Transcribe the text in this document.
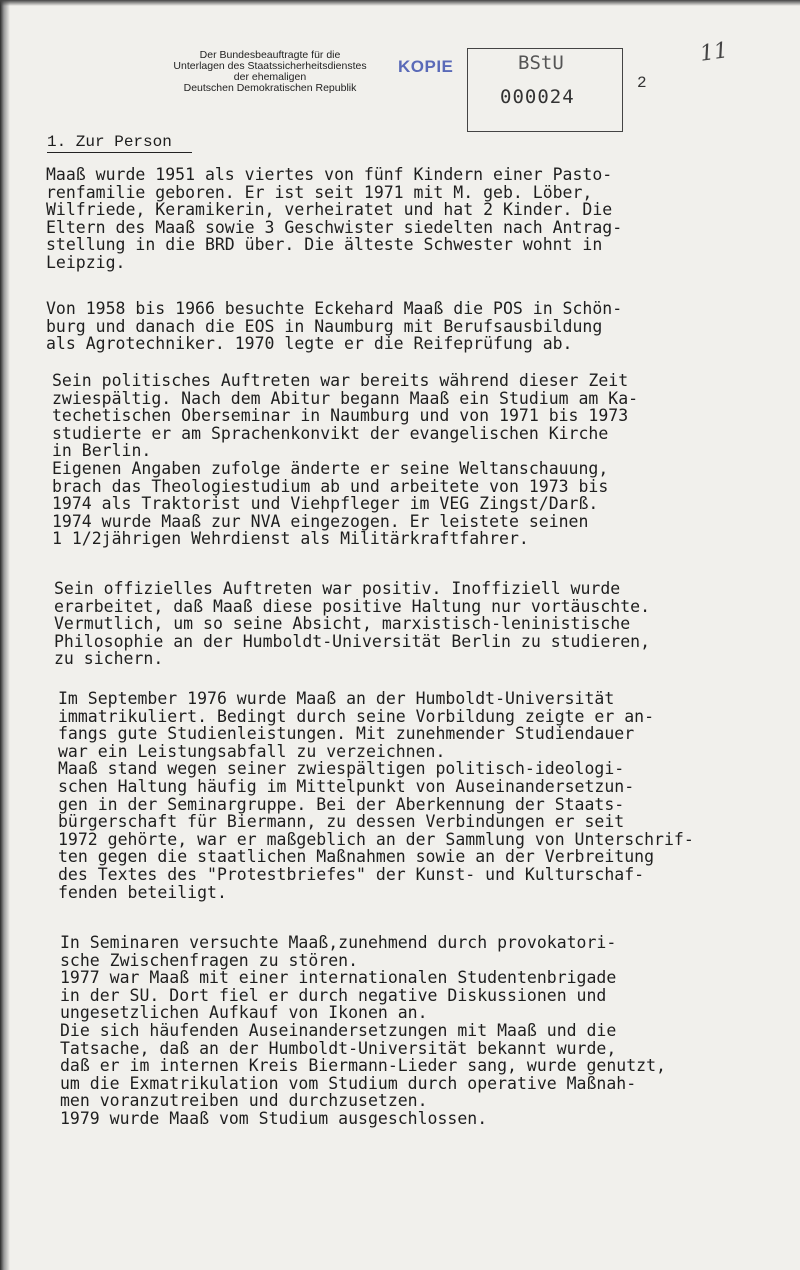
Der Bundesbeauftragte für die
Unterlagen des Staatssicherheitsdienstes
der ehemaligen
Deutschen Demokratischen Republik
KOPIE	BStU
000024
2
11
1. Zur Person
Maaß wurde 1951 als viertes von fünf Kindern einer Pasto-
renfamilie geboren. Er ist seit 1971 mit M. geb. Löber,
Wilfriede, Keramikerin, verheiratet und hat 2 Kinder. Die
Eltern des Maaß sowie 3 Geschwister siedelten nach Antrag-
stellung in die BRD über. Die älteste Schwester wohnt in
Leipzig.
Von 1958 bis 1966 besuchte Eckehard Maaß die POS in Schön-
burg und danach die EOS in Naumburg mit Berufsausbildung
als Agrotechniker. 1970 legte er die Reifeprüfung ab.
Sein politisches Auftreten war bereits während dieser Zeit
zwiespältig. Nach dem Abitur begann Maaß ein Studium am Ka-
techetischen Oberseminar in Naumburg und von 1971 bis 1973
studierte er am Sprachenkonvikt der evangelischen Kirche
in Berlin.
Eigenen Angaben zufolge änderte er seine Weltanschauung,
brach das Theologiestudium ab und arbeitete von 1973 bis
1974 als Traktorist und Viehpfleger im VEG Zingst/Darß.
1974 wurde Maaß zur NVA eingezogen. Er leistete seinen
1 1/2jährigen Wehrdienst als Militärkraftfahrer.
Sein offizielles Auftreten war positiv. Inoffiziell wurde
erarbeitet, daß Maaß diese positive Haltung nur vortäuschte.
Vermutlich, um so seine Absicht, marxistisch-leninistische
Philosophie an der Humboldt-Universität Berlin zu studieren,
zu sichern.
Im September 1976 wurde Maaß an der Humboldt-Universität
immatrikuliert. Bedingt durch seine Vorbildung zeigte er an-
fangs gute Studienleistungen. Mit zunehmender Studiendauer
war ein Leistungsabfall zu verzeichnen.
Maaß stand wegen seiner zwiespältigen politisch-ideologi-
schen Haltung häufig im Mittelpunkt von Auseinandersetzun-
gen in der Seminargruppe. Bei der Aberkennung der Staats-
bürgerschaft für Biermann, zu dessen Verbindungen er seit
1972 gehörte, war er maßgeblich an der Sammlung von Unterschrif-
ten gegen die staatlichen Maßnahmen sowie an der Verbreitung
des Textes des "Protestbriefes" der Kunst- und Kulturschaf-
fenden beteiligt.
In Seminaren versuchte Maaß,zunehmend durch provokatori-
sche Zwischenfragen zu stören.
1977 war Maaß mit einer internationalen Studentenbrigade
in der SU. Dort fiel er durch negative Diskussionen und
ungesetzlichen Aufkauf von Ikonen an.
Die sich häufenden Auseinandersetzungen mit Maaß und die
Tatsache, daß an der Humboldt-Universität bekannt wurde,
daß er im internen Kreis Biermann-Lieder sang, wurde genutzt,
um die Exmatrikulation vom Studium durch operative Maßnah-
men voranzutreiben und durchzusetzen.
1979 wurde Maaß vom Studium ausgeschlossen.
